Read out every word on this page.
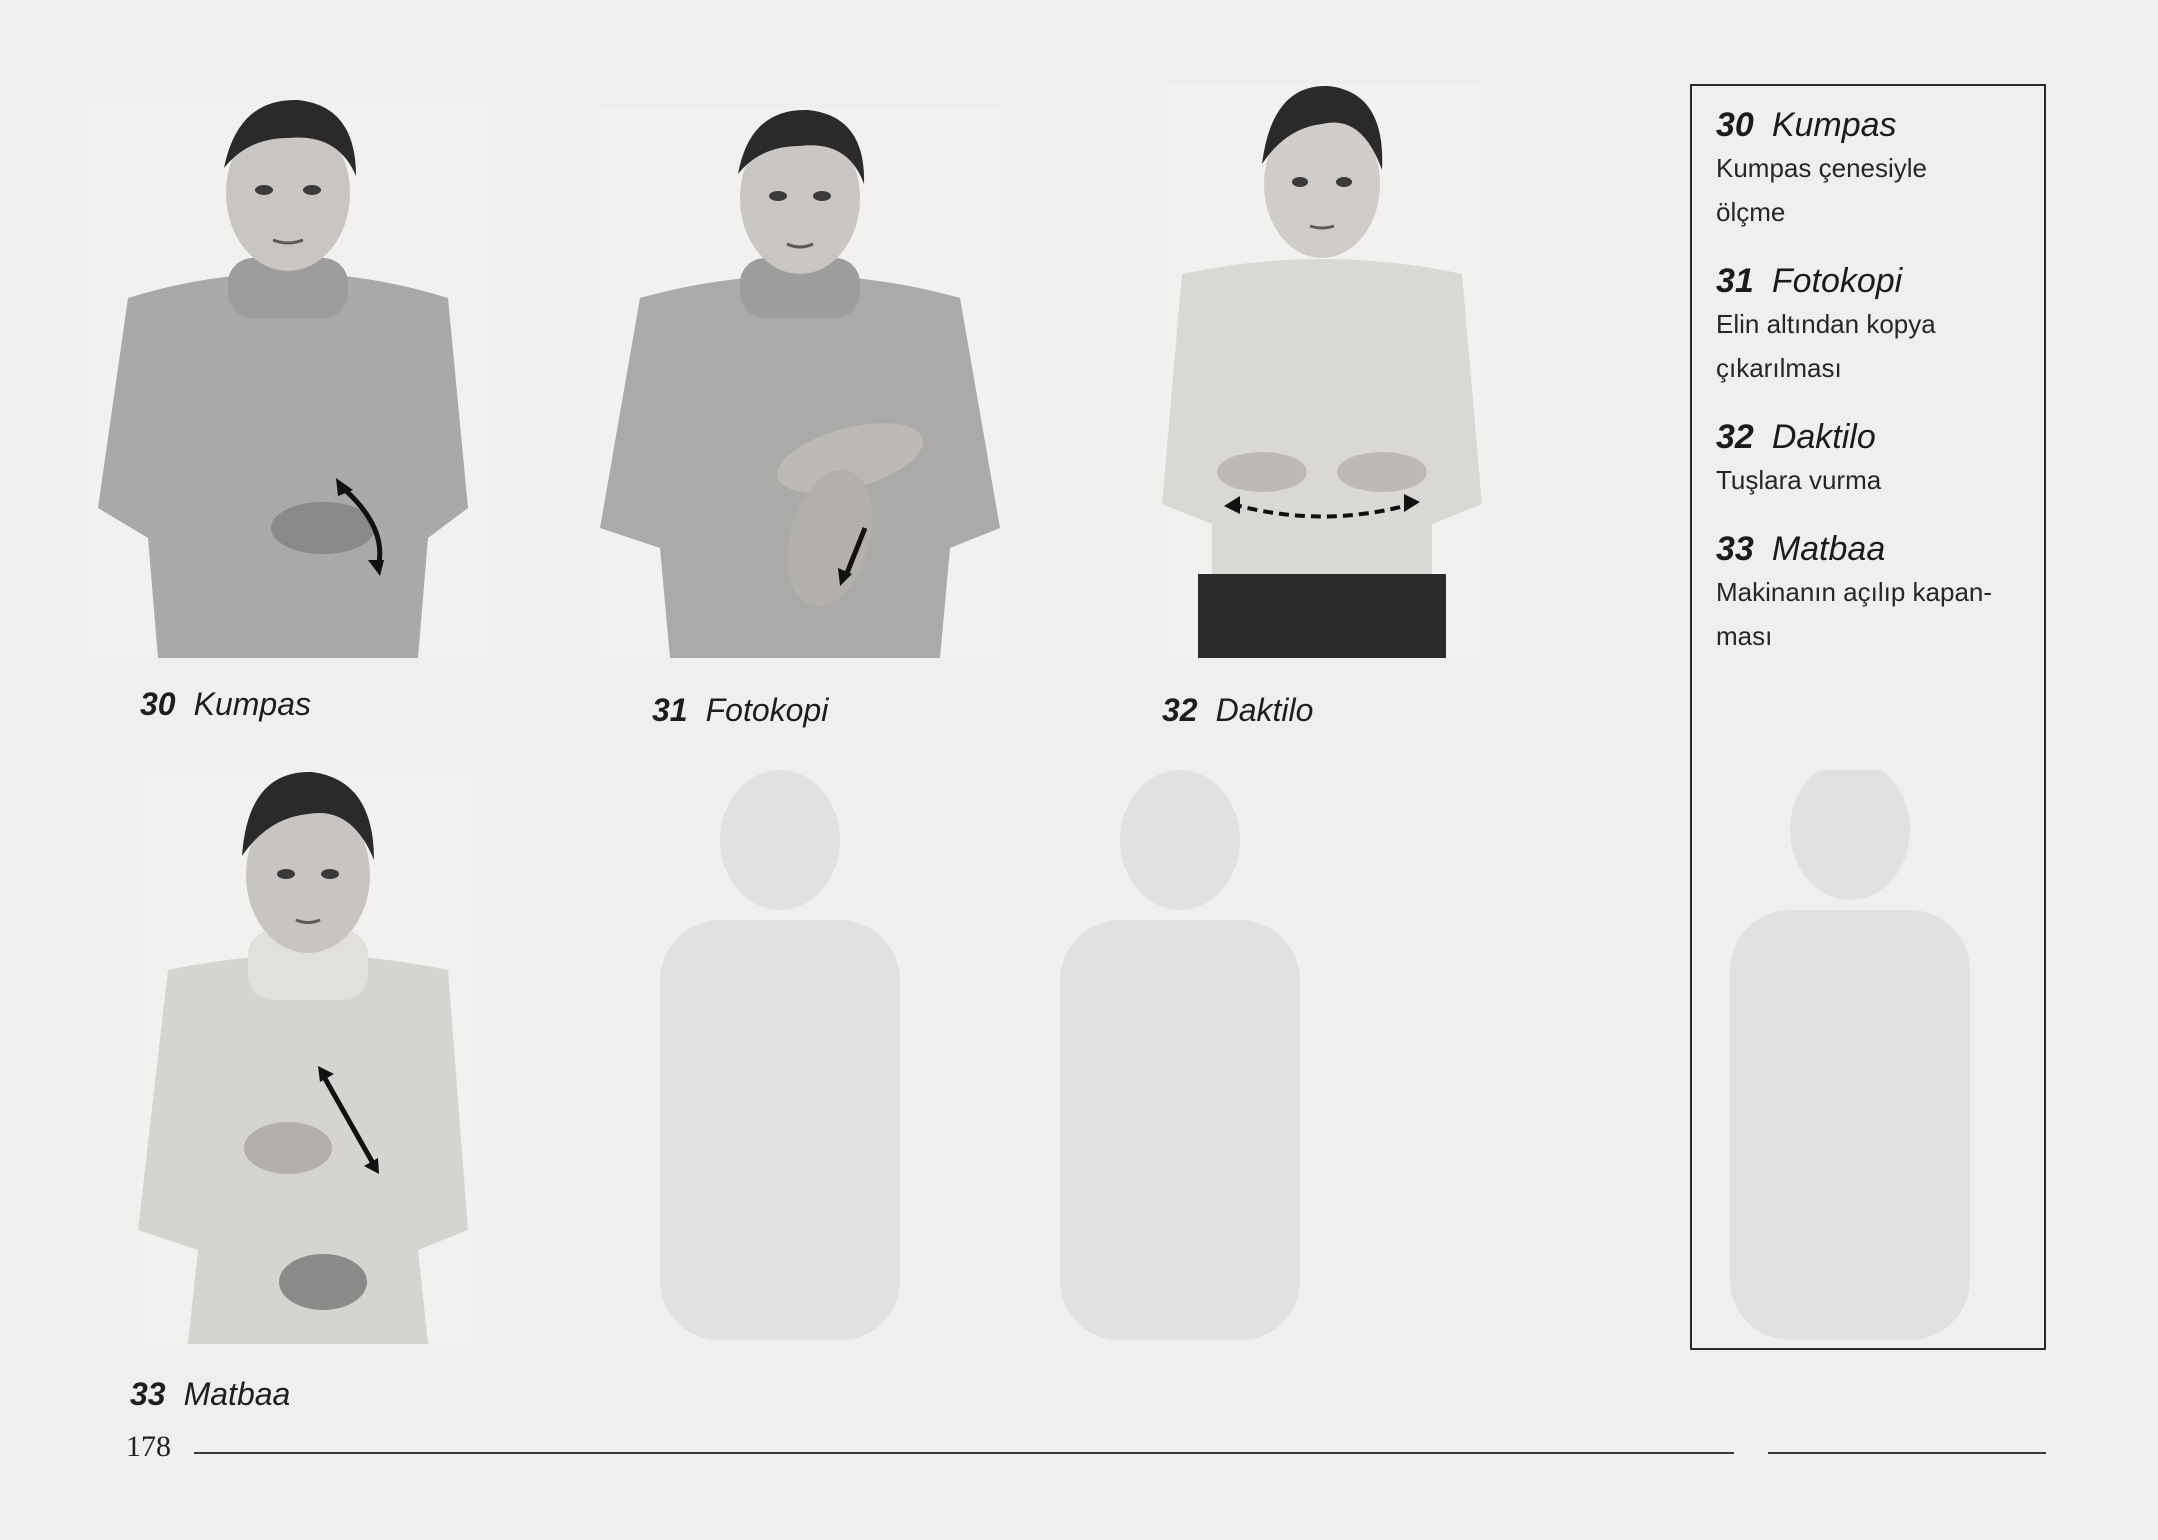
30 Kumpas	31 Fotokopi	32 Daktilo
33 Matbaa
30 Kumpas
Kumpas çenesiyle
ölçme
31 Fotokopi
Elin altından kopya
çıkarılması
32 Daktilo
Tuşlara vurma
33 Matbaa
Makinanın açılıp kapan-
ması
178
